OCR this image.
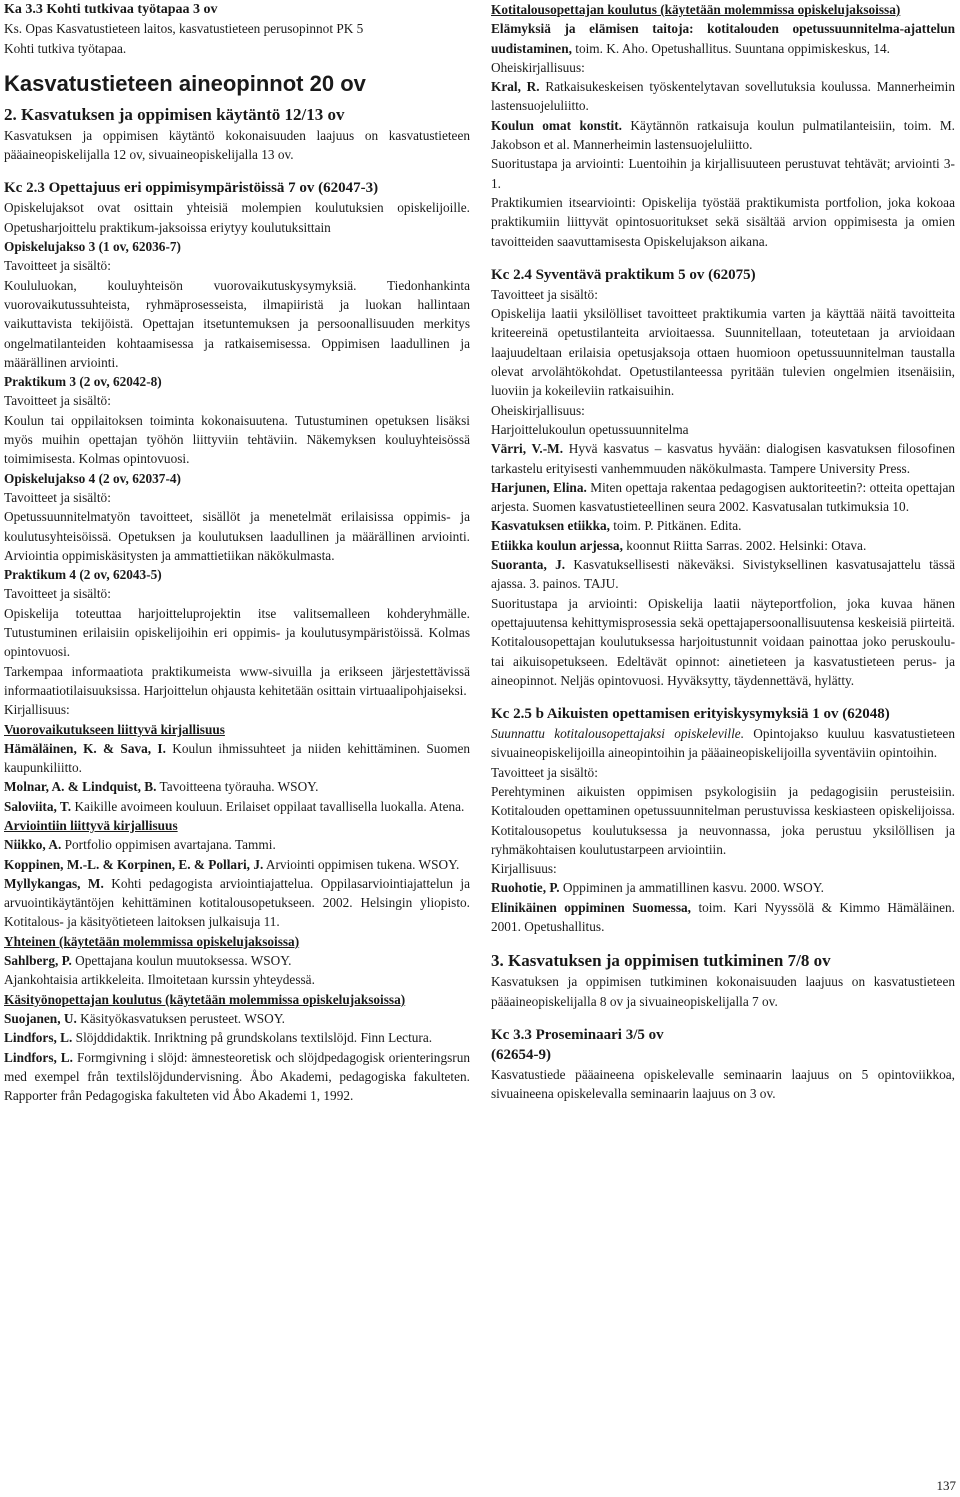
Ka 3.3 Kohti tutkivaa työtapaa 3 ov

Ks. Opas Kasvatustieteen laitos, kasvatustieteen perusopinnot PK 5

Kohti tutkiva työtapaa.

Kasvatustieteen aineopinnot 20 ov

2. Kasvatuksen ja oppimisen käytäntö 12/13 ov

Kasvatuksen ja oppimisen käytäntö kokonaisuuden laajuus on kasvatustieteen pääaineopiskelijalla 12 ov, sivuaineopiskelijalla 13 ov.

Kc 2.3 Opettajuus eri oppimisympäristöissä 7 ov (62047-3)

Opiskelujaksot ovat osittain yhteisiä molempien koulutuksien opiskelijoille. Opetusharjoittelu praktikum-jaksoissa eriytyy koulutuksittain

Opiskelujakso 3 (1 ov, 62036-7)

Tavoitteet ja sisältö:

Koululuokan, kouluyhteisön vuorovaikutuskysymyksiä. Tiedonhankinta vuorovaikutussuhteista, ryhmäprosesseista, ilmapiiristä ja luokan hallintaan vaikuttavista tekijöistä. Opettajan itsetuntemuksen ja persoonallisuuden merkitys ongelmatilanteiden kohtaamisessa ja ratkaisemisessa. Oppimisen laadullinen ja määrällinen arviointi.

Praktikum 3 (2 ov, 62042-8)

Tavoitteet ja sisältö:

Koulun tai oppilaitoksen toiminta kokonaisuutena. Tutustuminen opetuksen lisäksi myös muihin opettajan työhön liittyviin tehtäviin. Näkemyksen kouluyhteisössä toimimisesta. Kolmas opintovuosi.

Opiskelujakso 4 (2 ov, 62037-4)

Tavoitteet ja sisältö:

Opetussuunnitelmatyön tavoitteet, sisällöt ja menetelmät erilaisissa oppimis- ja koulutusyhteisöissä. Opetuksen ja koulutuksen laadullinen ja määrällinen arviointi. Arviointia oppimiskäsitysten ja ammattietiikan näkökulmasta.

Praktikum 4 (2 ov, 62043-5)

Tavoitteet ja sisältö:

Opiskelija toteuttaa harjoitteluprojektin itse valitsemalleen kohderyhmälle. Tutustuminen erilaisiin opiskelijoihin eri oppimis- ja koulutusympäristöissä. Kolmas opintovuosi.

Tarkempaa informaatiota praktikumeista www-sivuilla ja erikseen järjestettävissä informaatiotilaisuuksissa. Harjoittelun ohjausta kehitetään osittain virtuaalipohjaiseksi.

Kirjallisuus:

Vuorovaikutukseen liittyvä kirjallisuus

Hämäläinen, K. & Sava, I. Koulun ihmissuhteet ja niiden kehittäminen. Suomen kaupunkiliitto.

Molnar, A. & Lindquist, B. Tavoitteena työrauha. WSOY.

Saloviita, T. Kaikille avoimeen kouluun. Erilaiset oppilaat tavallisella luokalla. Atena.

Arviointiin liittyvä kirjallisuus

Niikko, A. Portfolio oppimisen avartajana. Tammi.

Koppinen, M.-L. & Korpinen, E. & Pollari, J. Arviointi oppimisen tukena. WSOY.

Myllykangas, M. Kohti pedagogista arviointiajattelua. Oppilasarviointiajattelun ja arvuointikäytäntöjen kehittäminen kotitalousopetukseen. 2002. Helsingin yliopisto. Kotitalous- ja käsityötieteen laitoksen julkaisuja 11.

Yhteinen (käytetään molemmissa opiskelujaksoissa)

Sahlberg, P. Opettajana koulun muutoksessa. WSOY.

Ajankohtaisia artikkeleita. Ilmoitetaan kurssin yhteydessä.

Käsityönopettajan koulutus (käytetään molemmissa opiskelujaksoissa)

Suojanen, U. Käsityökasvatuksen perusteet. WSOY.

Lindfors, L. Slöjddidaktik. Inriktning på grundskolans textilslöjd. Finn Lectura.

Lindfors, L. Formgivning i slöjd: ämnesteoretisk och slöjdpedagogisk orienteringsrun med exempel från textilslöjdundervisning. Åbo Akademi, pedagogiska fakulteten. Rapporter från Pedagogiska fakulteten vid Åbo Akademi 1, 1992.

Kotitalousopettajan koulutus (käytetään molemmissa opiskelujaksoissa)

Elämyksiä ja elämisen taitoja: kotitalouden opetussuunnitelma-ajattelun uudistaminen, toim. K. Aho. Opetushallitus. Suuntana oppimiskeskus, 14.

Oheiskirjallisuus:

Kral, R. Ratkaisukeskeisen työskentelytavan sovellutuksia koulussa. Mannerheimin lastensuojeluliitto.

Koulun omat konstit. Käytännön ratkaisuja koulun pulmatilanteisiin, toim. M. Jakobson et al. Mannerheimin lastensuojeluliitto.

Suoritustapa ja arviointi: Luentoihin ja kirjallisuuteen perustuvat tehtävät; arviointi 3-1.

Praktikumien itsearviointi: Opiskelija työstää praktikumista portfolion, joka kokoaa praktikumiin liittyvät opintosuoritukset sekä sisältää arvion oppimisesta ja omien tavoitteiden saavuttamisesta Opiskelujakson aikana.

Kc 2.4 Syventävä praktikum 5 ov (62075)

Tavoitteet ja sisältö:

Opiskelija laatii yksilölliset tavoitteet praktikumia varten ja käyttää näitä tavoitteita kriteereinä opetustilanteita arvioitaessa. Suunnitellaan, toteutetaan ja arvioidaan laajuudeltaan erilaisia opetusjaksoja ottaen huomioon opetussuunnitelman taustalla olevat arvolähtökohdat. Opetustilanteessa pyritään tulevien ongelmien itsenäisiin, luoviin ja kokeileviin ratkaisuihin.

Oheiskirjallisuus:

Harjoittelukoulun opetussuunnitelma

Värri, V.-M. Hyvä kasvatus – kasvatus hyvään: dialogisen kasvatuksen filosofinen tarkastelu erityisesti vanhemmuuden näkökulmasta. Tampere University Press.

Harjunen, Elina. Miten opettaja rakentaa pedagogisen auktoriteetin?: otteita opettajan arjesta. Suomen kasvatustieteellinen seura 2002. Kasvatusalan tutkimuksia 10.

Kasvatuksen etiikka, toim. P. Pitkänen. Edita.

Etiikka koulun arjessa, koonnut Riitta Sarras. 2002. Helsinki: Otava.

Suoranta, J. Kasvatuksellisesti näkeväksi. Sivistyksellinen kasvatusajattelu tässä ajassa. 3. painos. TAJU.

Suoritustapa ja arviointi: Opiskelija laatii näyteportfolion, joka kuvaa hänen opettajuutensa kehittymisprosessia sekä opettajapersoonallisuutensa keskeisiä piirteitä. Kotitalousopettajan koulutuksessa harjoitustunnit voidaan painottaa joko peruskoulu- tai aikuisopetukseen. Edeltävät opinnot: ainetieteen ja kasvatustieteen perus- ja aineopinnot. Neljäs opintovuosi. Hyväksytty, täydennettävä, hylätty.

Kc 2.5 b Aikuisten opettamisen erityiskysymyksiä 1 ov (62048)

Suunnattu kotitalousopettajaksi opiskeleville. Opintojakso kuuluu kasvatustieteen sivuaineopiskelijoilla aineopintoihin ja pääaineopiskelijoilla syventäviin opintoihin.

Tavoitteet ja sisältö:

Perehtyminen aikuisten oppimisen psykologisiin ja pedagogisiin perusteisiin. Kotitalouden opettaminen opetussuunnitelman perustuvissa keskiasteen opiskelijoissa. Kotitalousopetus koulutuksessa ja neuvonnassa, joka perustuu yksilöllisen ja ryhmäkohtaisen koulutustarpeen arviointiin.

Kirjallisuus:

Ruohotie, P. Oppiminen ja ammatillinen kasvu. 2000. WSOY.

Elinikäinen oppiminen Suomessa, toim. Kari Nyyssölä & Kimmo Hämäläinen. 2001. Opetushallitus.

3. Kasvatuksen ja oppimisen tutkiminen 7/8 ov

Kasvatuksen ja oppimisen tutkiminen kokonaisuuden laajuus on kasvatustieteen pääaineopiskelijalla 8 ov ja sivuaineopiskelijalla 7 ov.

Kc 3.3 Proseminaari 3/5 ov

(62654-9)

Kasvatustiede pääaineena opiskelevalle seminaarin laajuus on 5 opintoviikkoa, sivuaineena opiskelevalla seminaarin laajuus on 3 ov.

137
